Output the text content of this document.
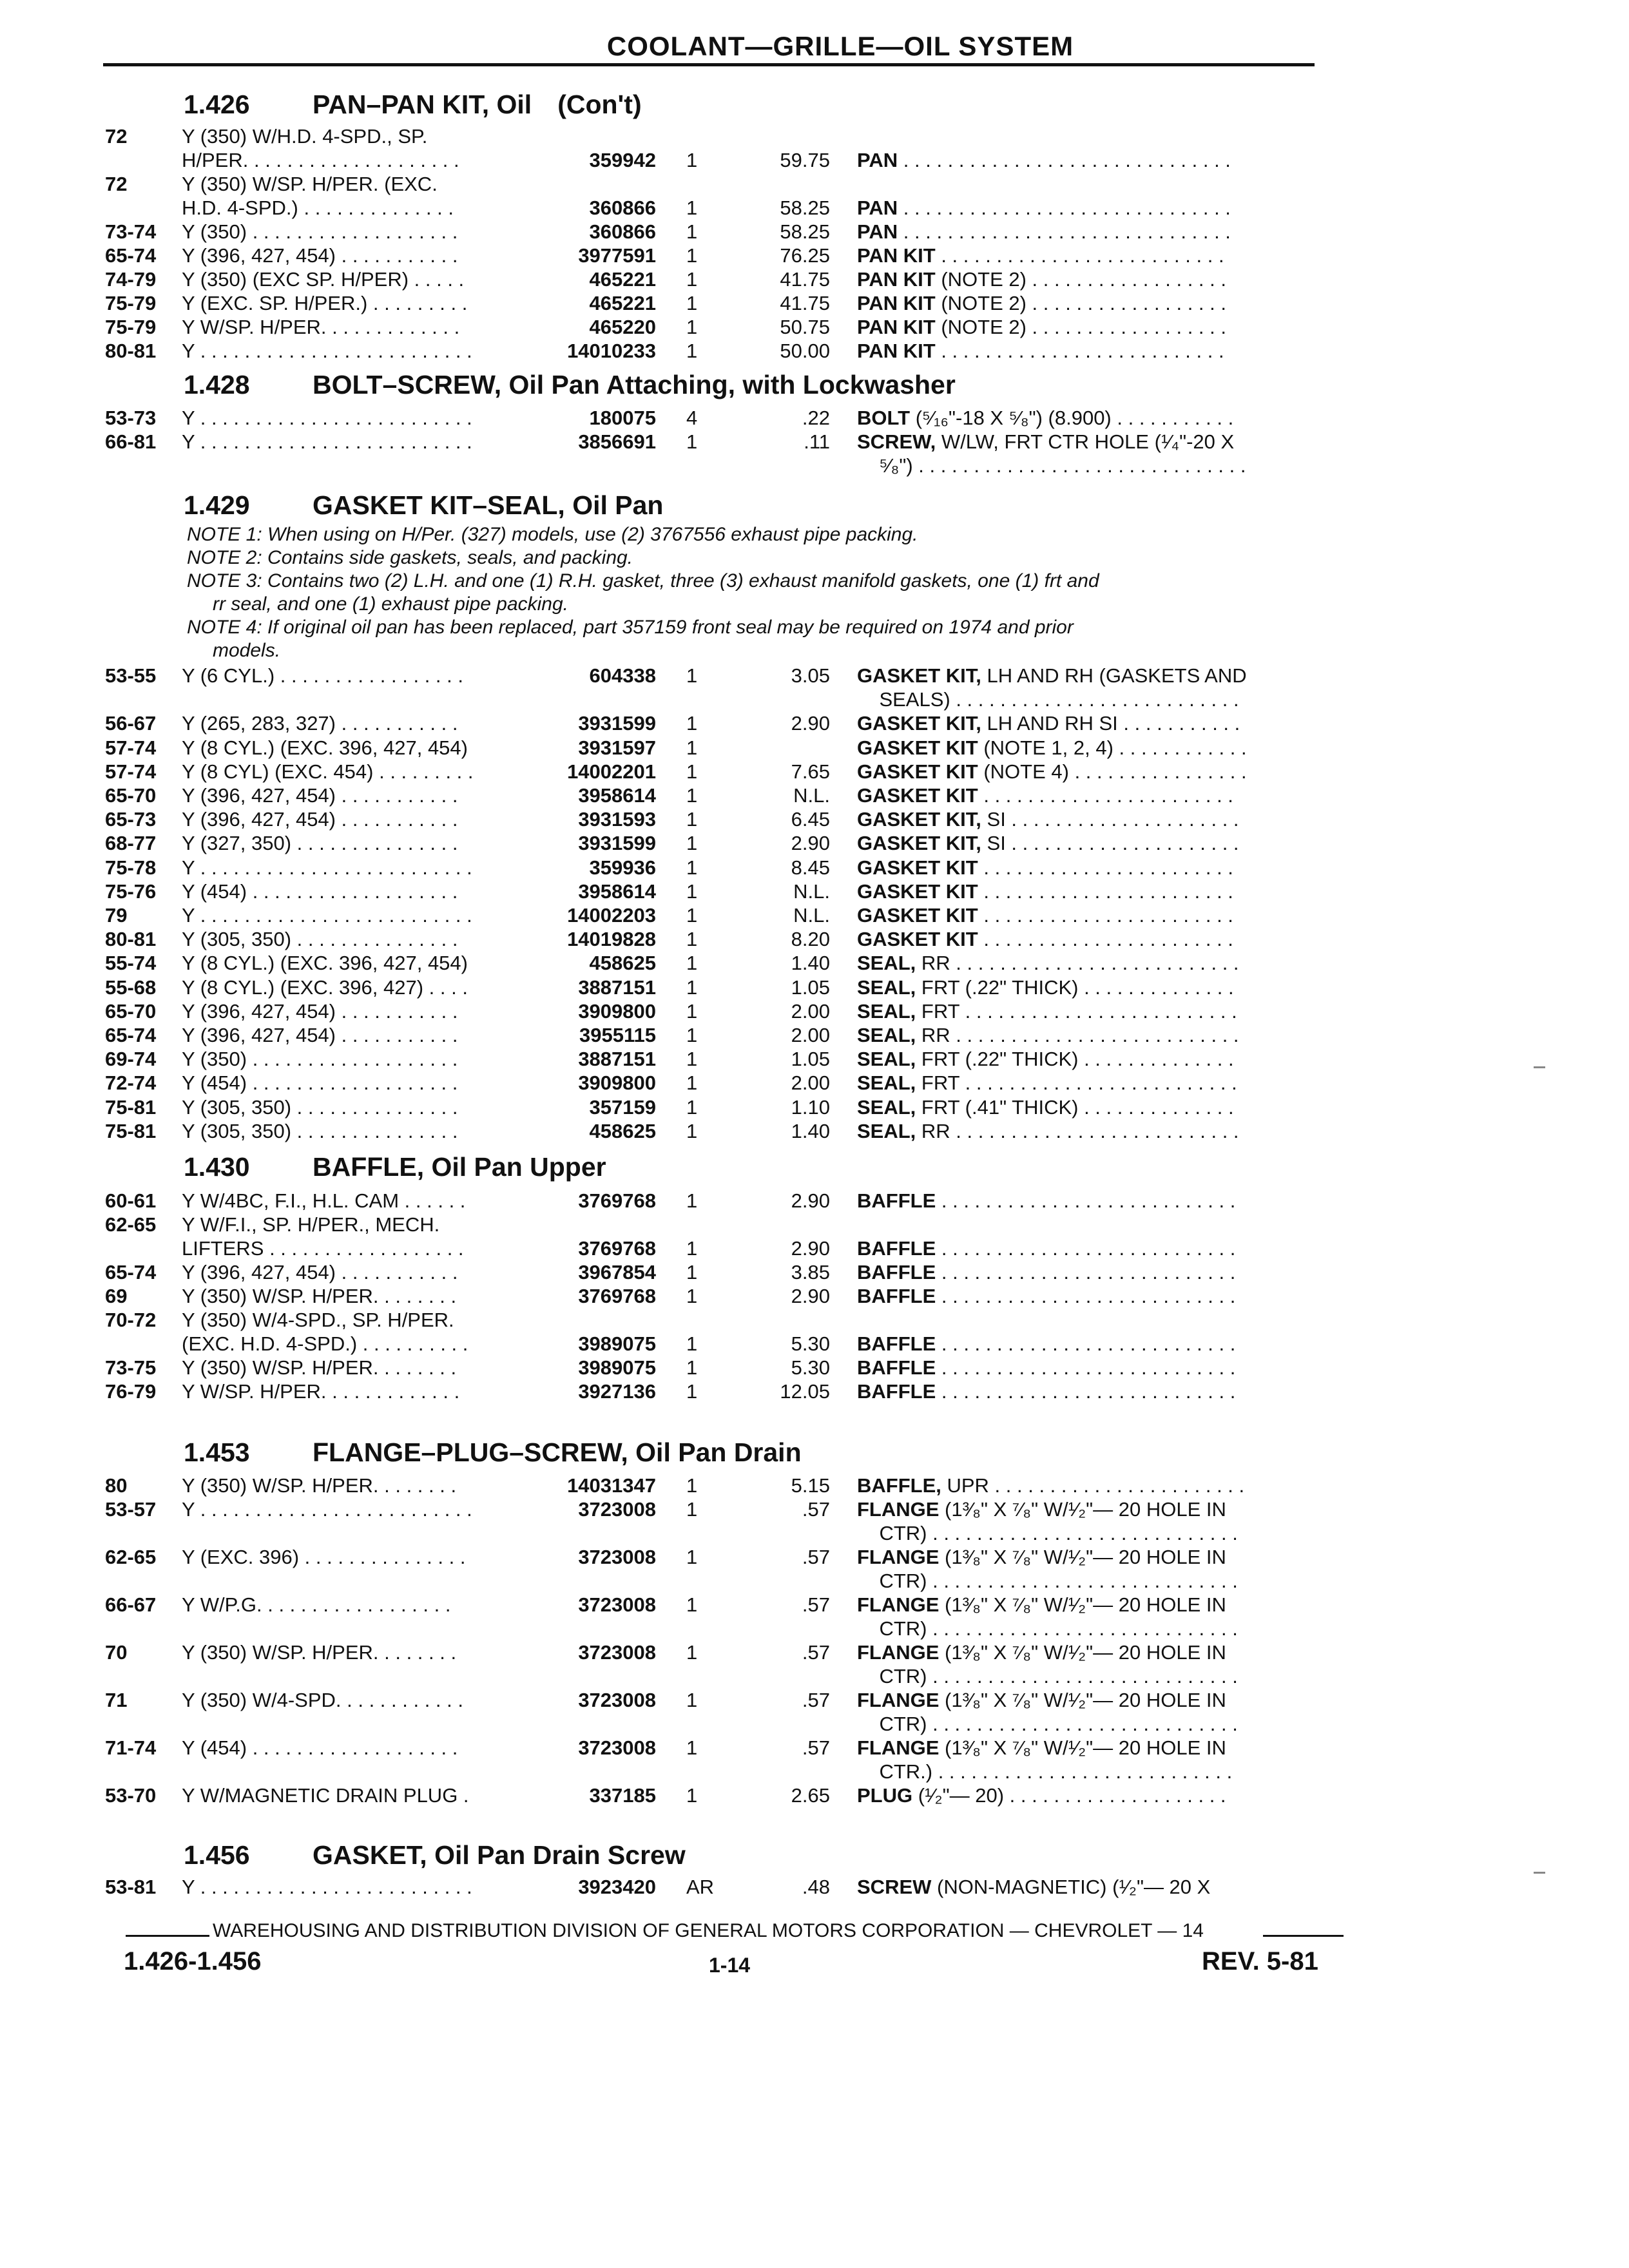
COOLANT—GRILLE—OIL SYSTEM
1.426 PAN–PAN KIT, Oil (Con't)
72	Y (350) W/H.D. 4-SPD., SP.
H/PER. . . . . . . . . . . . . . . . . . . .	359942 1	59.75 PAN . . . . . . . . . . . . . . . . . . . . . . . . . . . . . .
72	Y (350) W/SP. H/PER. (EXC.
H.D. 4-SPD.) . . . . . . . . . . . . . .	360866 1	58.25 PAN . . . . . . . . . . . . . . . . . . . . . . . . . . . . . .
73-74 Y (350) . . . . . . . . . . . . . . . . . . .	360866 1	58.25 PAN . . . . . . . . . . . . . . . . . . . . . . . . . . . . . .
65-74 Y (396, 427, 454) . . . . . . . . . . .	3977591 1	76.25 PAN KIT . . . . . . . . . . . . . . . . . . . . . . . . . .
74-79 Y (350) (EXC SP. H/PER) . . . . .	465221 1	41.75 PAN KIT (NOTE 2) . . . . . . . . . . . . . . . . . .
75-79 Y (EXC. SP. H/PER.) . . . . . . . . .	465221 1	41.75 PAN KIT (NOTE 2) . . . . . . . . . . . . . . . . . .
75-79 Y W/SP. H/PER. . . . . . . . . . . . .	465220 1	50.75 PAN KIT (NOTE 2) . . . . . . . . . . . . . . . . . .
80-81 Y . . . . . . . . . . . . . . . . . . . . . . . . .	14010233 1	50.00 PAN KIT . . . . . . . . . . . . . . . . . . . . . . . . . .
1.428 BOLT–SCREW, Oil Pan Attaching, with Lockwasher
53-73 Y . . . . . . . . . . . . . . . . . . . . . . . . .	180075 4	.22 BOLT (⁵⁄₁₆"-18 X ⁵⁄₈") (8.900) . . . . . . . . . . .
66-81 Y . . . . . . . . . . . . . . . . . . . . . . . . .	3856691 1	.11 SCREW, W/LW, FRT CTR HOLE (¹⁄₄"-20 X
⁵⁄₈") . . . . . . . . . . . . . . . . . . . . . . . . . . . . . .
1.429 GASKET KIT–SEAL, Oil Pan
NOTE 1: When using on H/Per. (327) models, use (2) 3767556 exhaust pipe packing.
NOTE 2: Contains side gaskets, seals, and packing.
NOTE 3: Contains two (2) L.H. and one (1) R.H. gasket, three (3) exhaust manifold gaskets, one (1) frt and
rr seal, and one (1) exhaust pipe packing.
NOTE 4: If original oil pan has been replaced, part 357159 front seal may be required on 1974 and prior
models.
53-55 Y (6 CYL.) . . . . . . . . . . . . . . . . .	604338 1	3.05 GASKET KIT, LH AND RH (GASKETS AND
SEALS) . . . . . . . . . . . . . . . . . . . . . . . . . .
56-67 Y (265, 283, 327) . . . . . . . . . . .	3931599 1	2.90 GASKET KIT, LH AND RH SI . . . . . . . . . . .
57-74 Y (8 CYL.) (EXC. 396, 427, 454)	3931597 1	GASKET KIT (NOTE 1, 2, 4) . . . . . . . . . . . .
57-74 Y (8 CYL) (EXC. 454) . . . . . . . . .	14002201 1	7.65 GASKET KIT (NOTE 4) . . . . . . . . . . . . . . . .
65-70 Y (396, 427, 454) . . . . . . . . . . .	3958614 1	N.L. GASKET KIT . . . . . . . . . . . . . . . . . . . . . . .
65-73 Y (396, 427, 454) . . . . . . . . . . .	3931593 1	6.45 GASKET KIT, SI . . . . . . . . . . . . . . . . . . . . .
68-77 Y (327, 350) . . . . . . . . . . . . . . .	3931599 1	2.90 GASKET KIT, SI . . . . . . . . . . . . . . . . . . . . .
75-78 Y . . . . . . . . . . . . . . . . . . . . . . . . .	359936 1	8.45 GASKET KIT . . . . . . . . . . . . . . . . . . . . . . .
75-76 Y (454) . . . . . . . . . . . . . . . . . . .	3958614 1	N.L. GASKET KIT . . . . . . . . . . . . . . . . . . . . . . .
79	Y . . . . . . . . . . . . . . . . . . . . . . . . .	14002203 1	N.L. GASKET KIT . . . . . . . . . . . . . . . . . . . . . . .
80-81 Y (305, 350) . . . . . . . . . . . . . . .	14019828 1	8.20 GASKET KIT . . . . . . . . . . . . . . . . . . . . . . .
55-74 Y (8 CYL.) (EXC. 396, 427, 454)	458625 1	1.40 SEAL, RR . . . . . . . . . . . . . . . . . . . . . . . . . .
55-68 Y (8 CYL.) (EXC. 396, 427) . . . .	3887151 1	1.05 SEAL, FRT (.22" THICK) . . . . . . . . . . . . . .
65-70 Y (396, 427, 454) . . . . . . . . . . .	3909800 1	2.00 SEAL, FRT . . . . . . . . . . . . . . . . . . . . . . . . .
65-74 Y (396, 427, 454) . . . . . . . . . . .	3955115 1	2.00 SEAL, RR . . . . . . . . . . . . . . . . . . . . . . . . . .
69-74 Y (350) . . . . . . . . . . . . . . . . . . .	3887151 1	1.05 SEAL, FRT (.22" THICK) . . . . . . . . . . . . . .
72-74 Y (454) . . . . . . . . . . . . . . . . . . .	3909800 1	2.00 SEAL, FRT . . . . . . . . . . . . . . . . . . . . . . . . .
75-81 Y (305, 350) . . . . . . . . . . . . . . .	357159 1	1.10 SEAL, FRT (.41" THICK) . . . . . . . . . . . . . .
75-81 Y (305, 350) . . . . . . . . . . . . . . .	458625 1	1.40 SEAL, RR . . . . . . . . . . . . . . . . . . . . . . . . . .
1.430 BAFFLE, Oil Pan Upper
60-61 Y W/4BC, F.I., H.L. CAM . . . . . .	3769768 1	2.90 BAFFLE . . . . . . . . . . . . . . . . . . . . . . . . . . .
62-65 Y W/F.I., SP. H/PER., MECH.
LIFTERS . . . . . . . . . . . . . . . . . .	3769768 1	2.90 BAFFLE . . . . . . . . . . . . . . . . . . . . . . . . . . .
65-74 Y (396, 427, 454) . . . . . . . . . . .	3967854 1	3.85 BAFFLE . . . . . . . . . . . . . . . . . . . . . . . . . . .
69	Y (350) W/SP. H/PER. . . . . . . .	3769768 1	2.90 BAFFLE . . . . . . . . . . . . . . . . . . . . . . . . . . .
70-72 Y (350) W/4-SPD., SP. H/PER.
(EXC. H.D. 4-SPD.) . . . . . . . . . .	3989075 1	5.30 BAFFLE . . . . . . . . . . . . . . . . . . . . . . . . . . .
73-75 Y (350) W/SP. H/PER. . . . . . . .	3989075 1	5.30 BAFFLE . . . . . . . . . . . . . . . . . . . . . . . . . . .
76-79 Y W/SP. H/PER. . . . . . . . . . . . .	3927136 1	12.05 BAFFLE . . . . . . . . . . . . . . . . . . . . . . . . . . .
1.453 FLANGE–PLUG–SCREW, Oil Pan Drain
80	Y (350) W/SP. H/PER. . . . . . . .	14031347 1	5.15 BAFFLE, UPR . . . . . . . . . . . . . . . . . . . . . . .
53-57 Y . . . . . . . . . . . . . . . . . . . . . . . . .	3723008 1	.57 FLANGE (1³⁄₈" X ⁷⁄₈" W/¹⁄₂"— 20 HOLE IN
CTR) . . . . . . . . . . . . . . . . . . . . . . . . . . . .
62-65 Y (EXC. 396) . . . . . . . . . . . . . . .	3723008 1	.57 FLANGE (1³⁄₈" X ⁷⁄₈" W/¹⁄₂"— 20 HOLE IN
CTR) . . . . . . . . . . . . . . . . . . . . . . . . . . . .
66-67 Y W/P.G. . . . . . . . . . . . . . . . . .	3723008 1	.57 FLANGE (1³⁄₈" X ⁷⁄₈" W/¹⁄₂"— 20 HOLE IN
CTR) . . . . . . . . . . . . . . . . . . . . . . . . . . . .
70	Y (350) W/SP. H/PER. . . . . . . .	3723008 1	.57 FLANGE (1³⁄₈" X ⁷⁄₈" W/¹⁄₂"— 20 HOLE IN
CTR) . . . . . . . . . . . . . . . . . . . . . . . . . . . .
71	Y (350) W/4-SPD. . . . . . . . . . . .	3723008 1	.57 FLANGE (1³⁄₈" X ⁷⁄₈" W/¹⁄₂"— 20 HOLE IN
CTR) . . . . . . . . . . . . . . . . . . . . . . . . . . . .
71-74 Y (454) . . . . . . . . . . . . . . . . . . .	3723008 1	.57 FLANGE (1³⁄₈" X ⁷⁄₈" W/¹⁄₂"— 20 HOLE IN
CTR.) . . . . . . . . . . . . . . . . . . . . . . . . . . .
53-70 Y W/MAGNETIC DRAIN PLUG .	337185 1	2.65 PLUG (¹⁄₂"— 20) . . . . . . . . . . . . . . . . . . . .
1.456 GASKET, Oil Pan Drain Screw
53-81 Y . . . . . . . . . . . . . . . . . . . . . . . . .	3923420 AR	.48 SCREW (NON-MAGNETIC) (¹⁄₂"— 20 X
WAREHOUSING AND DISTRIBUTION DIVISION OF GENERAL MOTORS CORPORATION — CHEVROLET — 14
1.426-1.456	1-14	REV. 5-81
